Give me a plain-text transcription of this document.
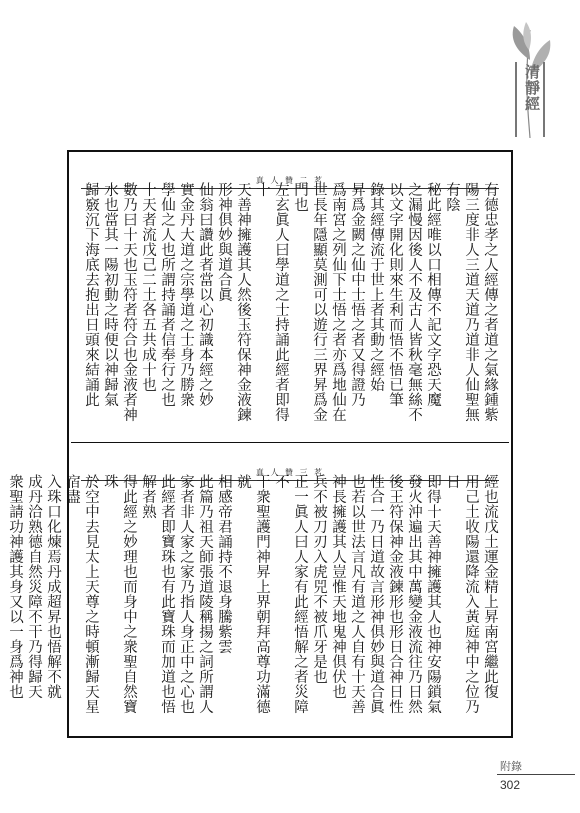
清靜經
真 人 贊 二 茗

有德忠孝之人經傳之者道之氣緣鍾紫

陽三度非人三道天道乃道非人仙聖無有陰

秘此經唯以口相傳不記文字恐天魔

之漏慢因後人不及古人皆秋毫無絲不

以文字開化則來生利而悟不悟已筆

錄其經傳流于世上者其動之經始

昇爲金闕之仙中士悟之者又得證乃

爲南宮之列仙下士悟之者亦爲地仙在

世長年隱顯莫測可以遊行三界昇爲金

門也

左玄眞人曰學道之士持誦此經者即得十

天善神擁護其人然後玉符保神金液鍊

形神俱妙與道合眞

仙翁曰讚此者當以心初識本經之妙

實金丹大道之宗學道之士身乃勝衆

學仙之人也所謂持誦者信奉行之也

十天者流戊己二土各五共成十也

數乃曰十天也玉符者符合也金液者神

水也當其一陽初動之時便以神歸氣

歸竅沉下海底去抱出日頭來結誦此

真 人 贊 三 茗

經也流戊土運金精上昇南宮繼此復

用己土收陽還降流入黃庭神中之位乃日

即得十天善神擁護其人也神安陽鎖氣

發火沖遍出其中萬變金液流往乃日然

後王符保神金液鍊形也形日合神日性

性合一乃日道故言形神俱妙與道合眞

也若以世法言凡有道之人自有十天善

神長擁護其人豈惟天地鬼神俱伏也

兵不被刀刃入虎兕不被爪牙是也

正一眞人曰人家有此經悟解之者災障不

干衆聖護門神昇上界朝拜高尊功滿德就

相感帝君誦持不退身騰紫雲

此篇乃祖天師張道陵稱揚之詞所謂人

家者非人家之家乃指人身正中之心也

此經者即寶珠也有此寶珠而加道也悟解者熟

得此經之妙理也而身中之衆聖自然寶珠

於空中去見太上天尊之時頓漸歸天星宿盡

入珠口化煉焉丹成超昇也悟解不就

成丹洽熟德自然災障不干乃得歸天

衆聖請功神護其身又以一身爲神也

附錄
302
